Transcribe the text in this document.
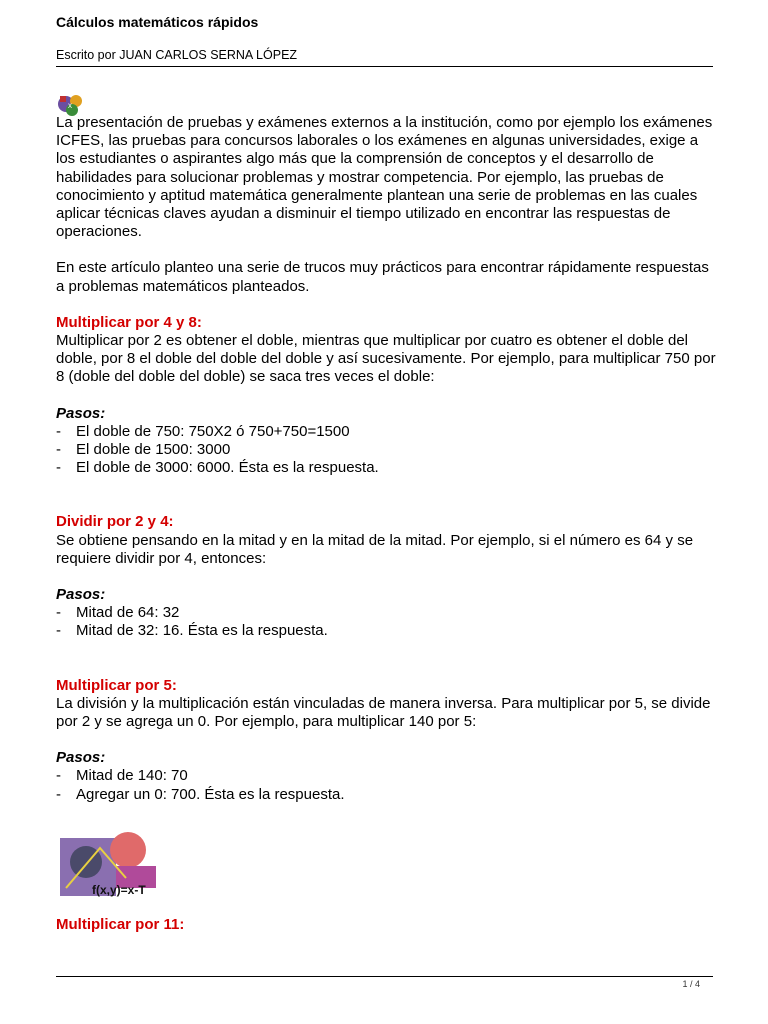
Cálculos matemáticos rápidos
Escrito por JUAN CARLOS SERNA LÓPEZ
x

La presentación de pruebas y exámenes externos a la institución, como por ejemplo los exámenes ICFES, las pruebas para concursos laborales o los exámenes en algunas universidades, exige a los estudiantes o aspirantes algo más que la comprensión de conceptos y el desarrollo de habilidades para solucionar problemas y mostrar competencia. Por ejemplo, las pruebas de conocimiento y aptitud matemática generalmente plantean una serie de problemas en las cuales aplicar técnicas claves ayudan a disminuir el tiempo utilizado en encontrar las respuestas de operaciones.

En este artículo planteo una serie de trucos muy prácticos para encontrar rápidamente respuestas a problemas matemáticos planteados.

Multiplicar por 4 y 8:

Multiplicar por 2 es obtener el doble, mientras que multiplicar por cuatro es obtener el doble del doble, por 8 el doble del doble del doble y así sucesivamente. Por ejemplo, para multiplicar 750 por 8 (doble del doble del doble) se saca tres veces el doble:

Pasos:

-	El doble de 750: 750X2 ó 750+750=1500
-	El doble de 1500: 3000
-	El doble de 3000: 6000. Ésta es la respuesta.

Dividir por 2 y 4:

Se obtiene pensando en la mitad y en la mitad de la mitad. Por ejemplo, si el número es 64 y se requiere dividir por 4, entonces:

Pasos:

-	Mitad de 64: 32
-	Mitad de 32: 16. Ésta es la respuesta.

Multiplicar por 5:

La división y la multiplicación están vinculadas de manera inversa. Para multiplicar por 5, se divide por 2 y se agrega un 0. Por ejemplo, para multiplicar 140 por 5:

Pasos:

-	Mitad de 140: 70
-	Agregar un 0: 700. Ésta es la respuesta.
f(x,y)=x-T
Multiplicar por 11:
1 / 4
